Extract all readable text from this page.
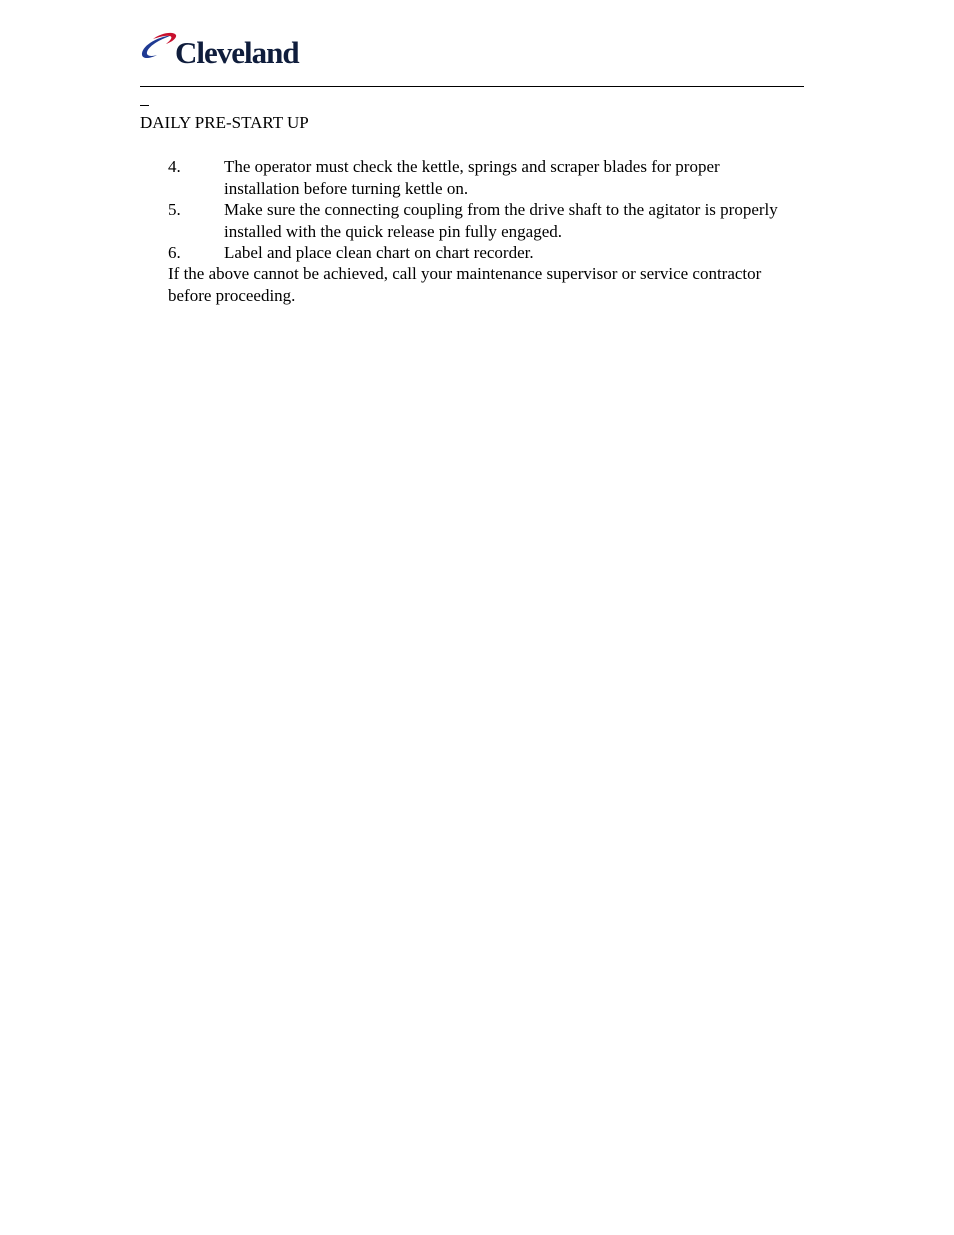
Cleveland
DAILY PRE-START UP
4.	The operator must check the kettle, springs and scraper blades for proper installation before turning kettle on.
5.	Make sure the connecting coupling from the drive shaft to the agitator is properly installed with the quick release pin fully engaged.
6.	Label and place clean chart on chart recorder.
If the above cannot be achieved, call your maintenance supervisor or service contractor before proceeding.
